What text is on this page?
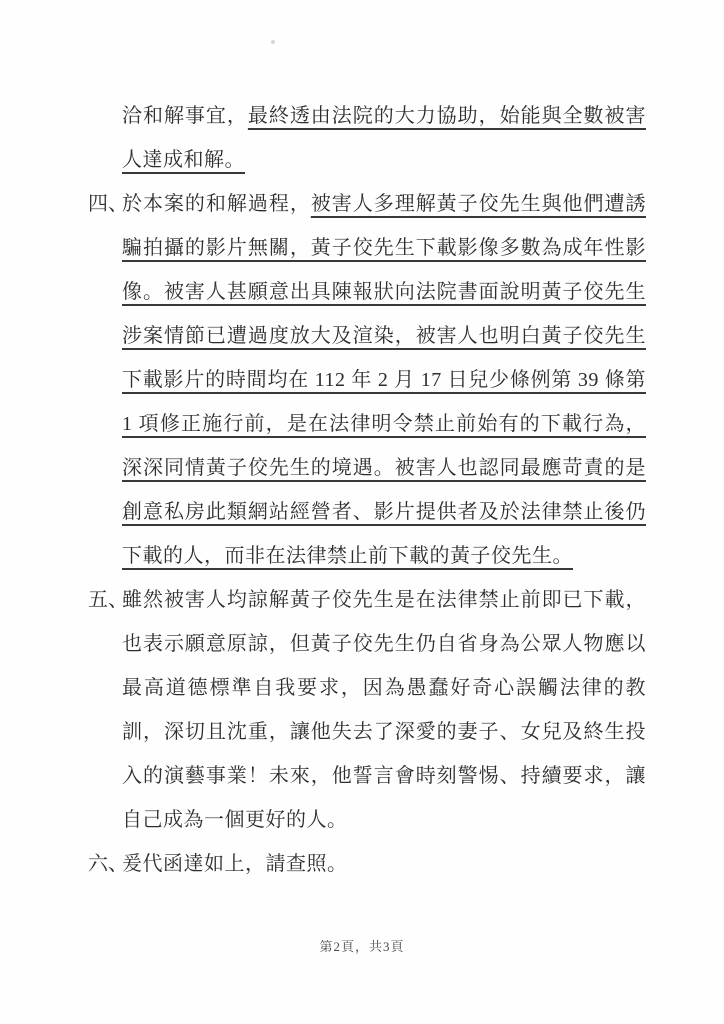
洽和解事宜，最終透由法院的大力協助，始能與全數被害人達成和解。

四、
於本案的和解過程，被害人多理解黃子佼先生與他們遭誘騙拍攝的影片無關，黃子佼先生下載影像多數為成年性影像。被害人甚願意出具陳報狀向法院書面說明黃子佼先生涉案情節已遭過度放大及渲染，被害人也明白黃子佼先生下載影片的時間均在 112 年 2 月 17 日兒少條例第 39 條第 1 項修正施行前，是在法律明令禁止前始有的下載行為，深深同情黃子佼先生的境遇。被害人也認同最應苛責的是創意私房此類網站經營者、影片提供者及於法律禁止後仍下載的人，而非在法律禁止前下載的黃子佼先生。

五、
雖然被害人均諒解黃子佼先生是在法律禁止前即已下載，也表示願意原諒，但黃子佼先生仍自省身為公眾人物應以最高道德標準自我要求，因為愚蠢好奇心誤觸法律的教訓，深切且沈重，讓他失去了深愛的妻子、女兒及終生投入的演藝事業！未來，他誓言會時刻警惕、持續要求，讓自己成為一個更好的人。

六、
爰代函達如上，請查照。

第2頁，共3頁
